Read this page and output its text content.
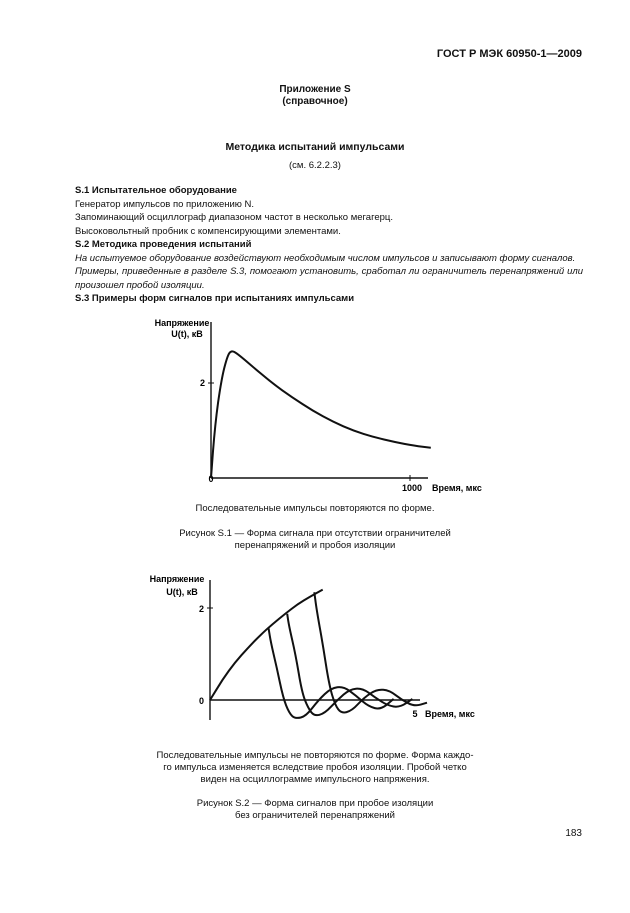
ГОСТ Р МЭК 60950-1—2009
Приложение S
(справочное)
Методика испытаний импульсами
(см. 6.2.2.3)

S.1 Испытательное оборудование

Генератор импульсов по приложению N.

Запоминающий осциллограф диапазоном частот в несколько мегагерц.

Высоковольтный пробник с компенсирующими элементами.

S.2 Методика проведения испытаний

На испытуемое оборудование воздействуют необходимым числом импульсов и записывают форму сигналов.

Примеры, приведенные в разделе S.3, помогают установить, сработал ли ограничитель перенапряжений или произошел пробой изоляции.

S.3 Примеры форм сигналов при испытаниях импульсами

Напряжение
U(t), кВ
2
0
1000 Время, мкс
Последовательные импульсы повторяются по форме.
Рисунок S.1 — Форма сигнала при отсутствии ограничителей
перенапряжений и пробоя изоляции
Напряжение
U(t), кВ
2
0
5 Время, мкс
Последовательные импульсы не повторяются по форме. Форма каждо-
го импульса изменяется вследствие пробоя изоляции. Пробой четко
виден на осциллограмме импульсного напряжения.
Рисунок S.2 — Форма сигналов при пробое изоляции
без ограничителей перенапряжений
183
